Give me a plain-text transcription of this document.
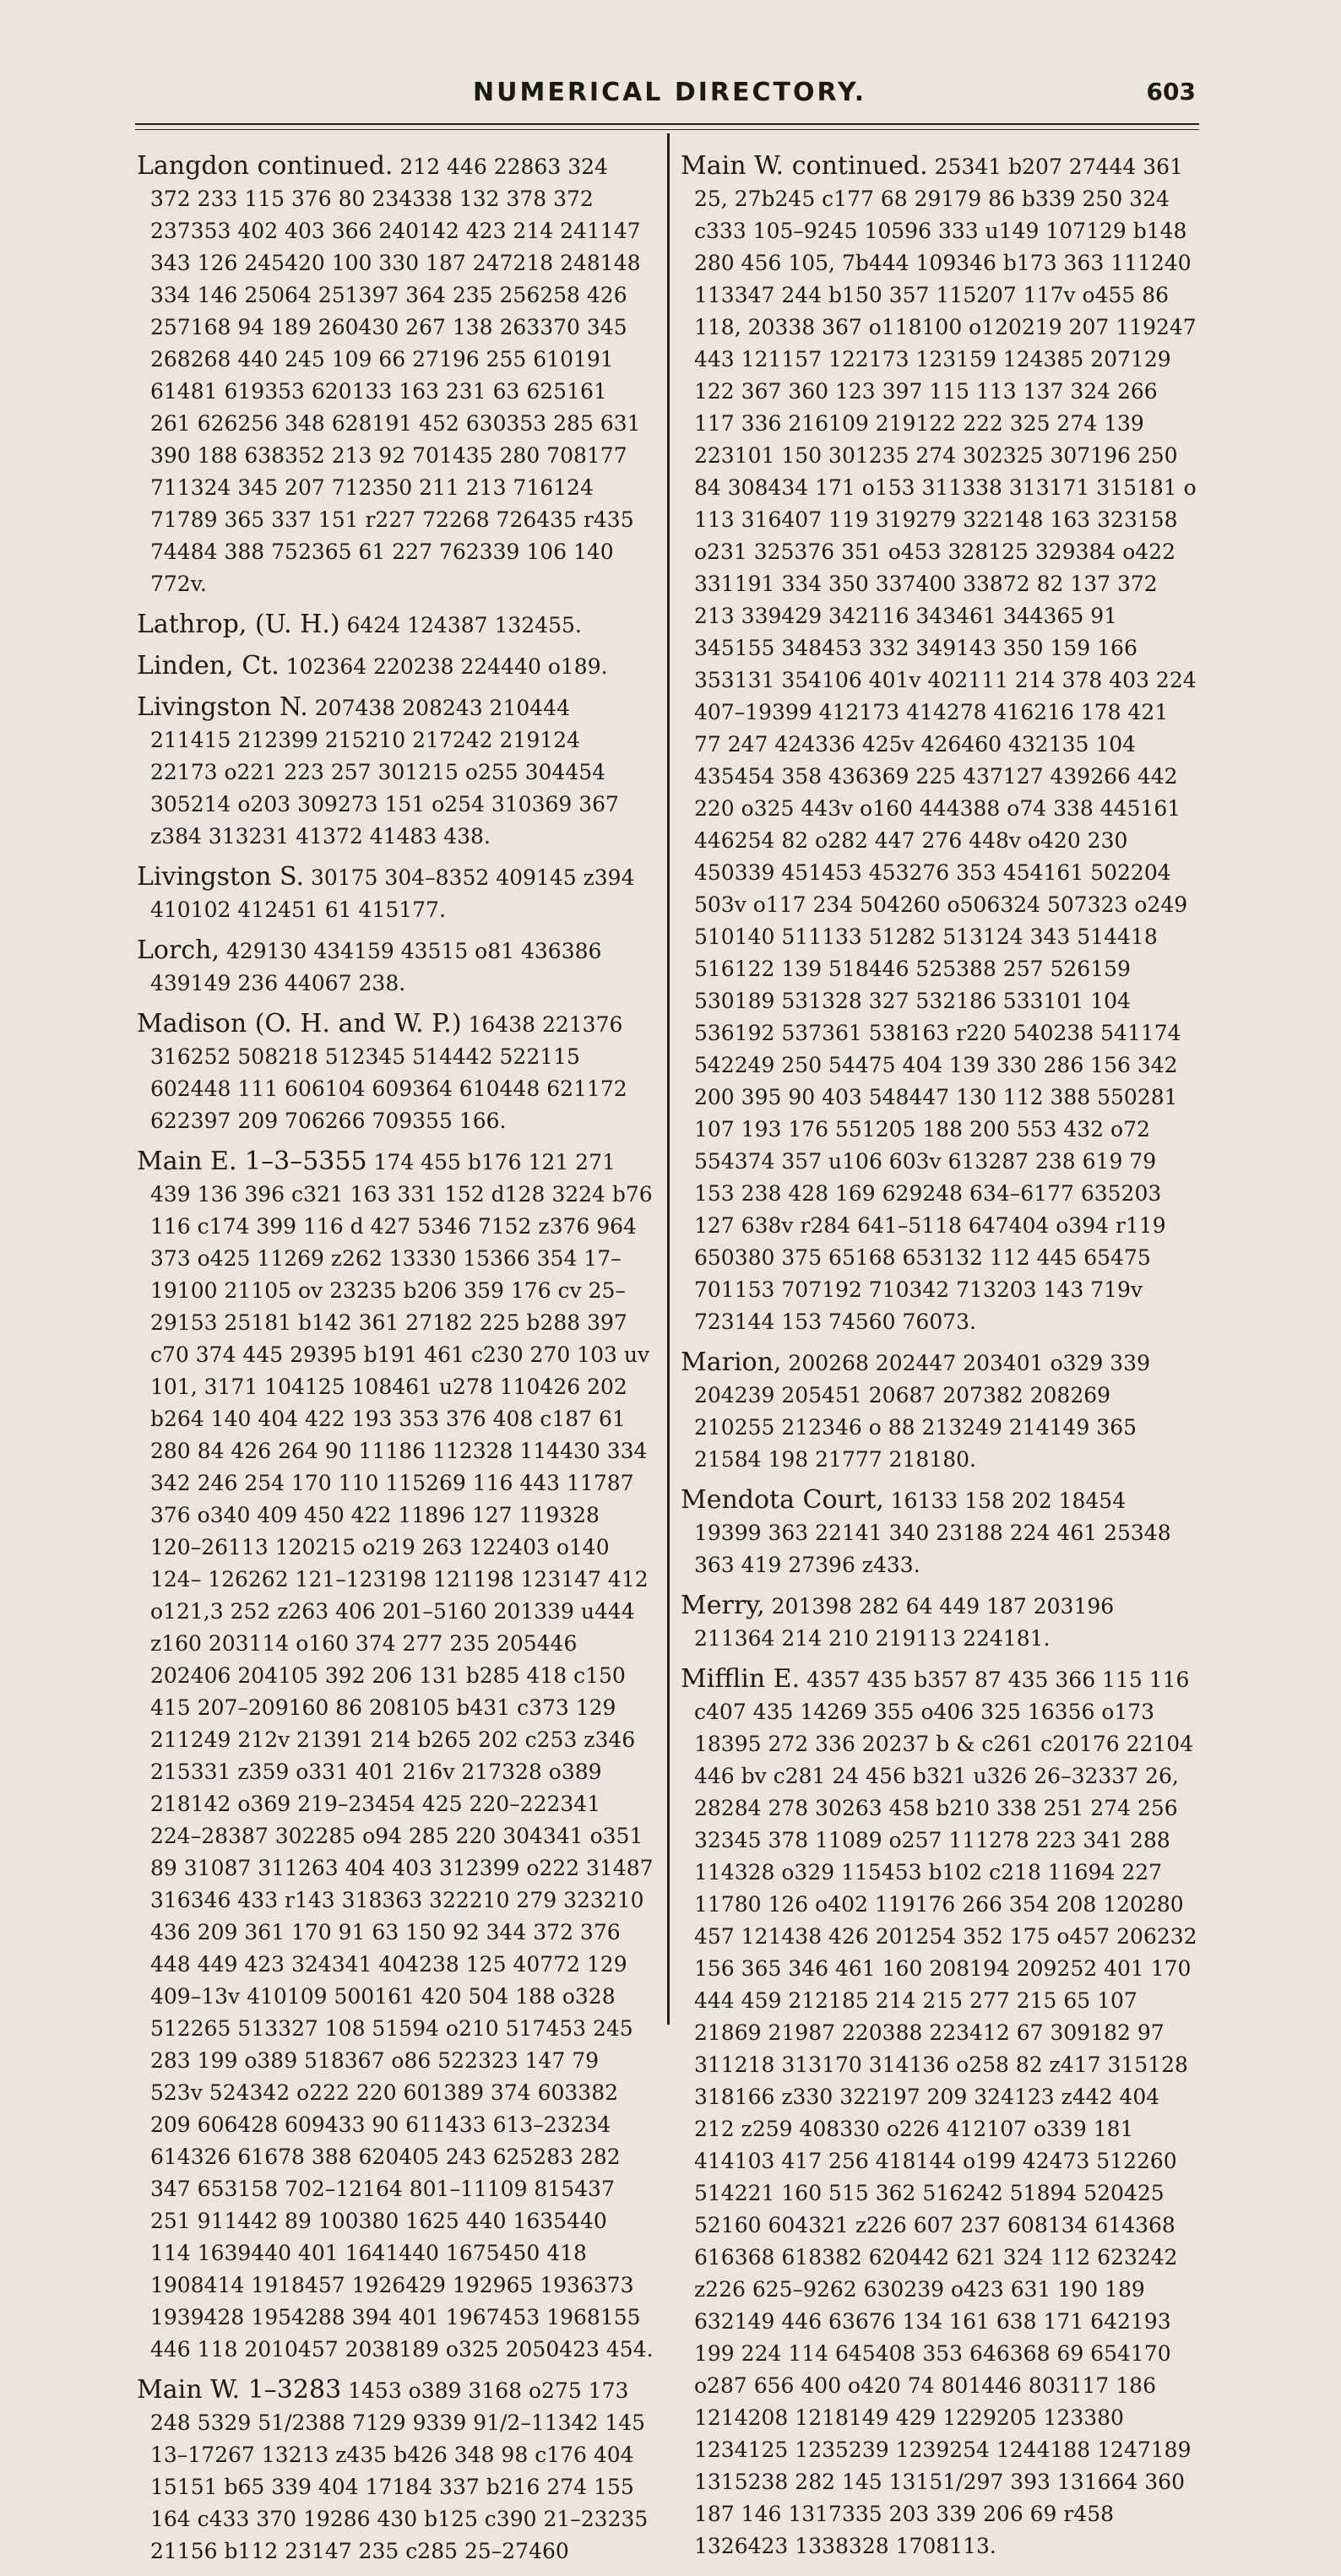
NUMERICAL DIRECTORY.	603
Langdon continued. 212 446 22863 324 372 233 115 376 80 234338 132 378 372 237353 402 403 366 240142 423 214 241147 343 126 245420 100 330 187 247218 248148 334 146 25064 251397 364 235 256258 426 257168 94 189 260430 267 138 263370 345 268268 440 245 109 66 27196 255 610191 61481 619353 620133 163 231 63 625161 261 626256 348 628191 452 630353 285 631 390 188 638352 213 92 701435 280 708177 711324 345 207 712350 211 213 716124 71789 365 337 151 r227 72268 726435 r435 74484 388 752365 61 227 762339 106 140 772v.
Lathrop, (U. H.) 6424 124387 132455.
Linden, Ct. 102364 220238 224440 o189.
Livingston N. 207438 208243 210444 211415 212399 215210 217242 219124 22173 o221 223 257 301215 o255 304454 305214 o203 309273 151 o254 310369 367 z384 313231 41372 41483 438.
Livingston S. 30175 304–8352 409145 z394 410102 412451 61 415177.
Lorch, 429130 434159 43515 o81 436386 439149 236 44067 238.
Madison (O. H. and W. P.) 16438 221376 316252 508218 512345 514442 522115 602448 111 606104 609364 610448 621172 622397 209 706266 709355 166.
Main E. 1–3–5355 174 455 b176 121 271 439 136 396 c321 163 331 152 d128 3224 b76 116 c174 399 116 d 427 5346 7152 z376 964 373 o425 11269 z262 13330 15366 354 17–19100 21105 ov 23235 b206 359 176 cv 25–29153 25181 b142 361 27182 225 b288 397 c70 374 445 29395 b191 461 c230 270 103 uv 101, 3171 104125 108461 u278 110426 202 b264 140 404 422 193 353 376 408 c187 61 280 84 426 264 90 11186 112328 114430 334 342 246 254 170 110 115269 116 443 11787 376 o340 409 450 422 11896 127 119328 120–26113 120215 o219 263 122403 o140 124– 126262 121–123198 121198 123147 412 o121,3 252 z263 406 201–5160 201339 u444 z160 203114 o160 374 277 235 205446 202406 204105 392 206 131 b285 418 c150 415 207–209160 86 208105 b431 c373 129 211249 212v 21391 214 b265 202 c253 z346 215331 z359 o331 401 216v 217328 o389 218142 o369 219–23454 425 220–222341 224–28387 302285 o94 285 220 304341 o351 89 31087 311263 404 403 312399 o222 31487 316346 433 r143 318363 322210 279 323210 436 209 361 170 91 63 150 92 344 372 376 448 449 423 324341 404238 125 40772 129 409–13v 410109 500161 420 504 188 o328 512265 513327 108 51594 o210 517453 245 283 199 o389 518367 o86 522323 147 79 523v 524342 o222 220 601389 374 603382 209 606428 609433 90 611433 613–23234 614326 61678 388 620405 243 625283 282 347 653158 702–12164 801–11109 815437 251 911442 89 100380 1625 440 1635440 114 1639440 401 1641440 1675450 418 1908414 1918457 1926429 192965 1936373 1939428 1954288 394 401 1967453 1968155 446 118 2010457 2038189 o325 2050423 454.
Main W. 1–3283 1453 o389 3168 o275 173 248 5329 51/2388 7129 9339 91/2–11342 145 13–17267 13213 z435 b426 348 98 c176 404 15151 b65 339 404 17184 337 b216 274 155 164 c433 370 19286 430 b125 c390 21–23235 21156 b112 23147 235 c285 25–27460
Main W. continued. 25341 b207 27444 361 25, 27b245 c177 68 29179 86 b339 250 324 c333 105–9245 10596 333 u149 107129 b148 280 456 105, 7b444 109346 b173 363 111240 113347 244 b150 357 115207 117v o455 86 118, 20338 367 o118100 o120219 207 119247 443 121157 122173 123159 124385 207129 122 367 360 123 397 115 113 137 324 266 117 336 216109 219122 222 325 274 139 223101 150 301235 274 302325 307196 250 84 308434 171 o153 311338 313171 315181 o 113 316407 119 319279 322148 163 323158 o231 325376 351 o453 328125 329384 o422 331191 334 350 337400 33872 82 137 372 213 339429 342116 343461 344365 91 345155 348453 332 349143 350 159 166 353131 354106 401v 402111 214 378 403 224 407–19399 412173 414278 416216 178 421 77 247 424336 425v 426460 432135 104 435454 358 436369 225 437127 439266 442 220 o325 443v o160 444388 o74 338 445161 446254 82 o282 447 276 448v o420 230 450339 451453 453276 353 454161 502204 503v o117 234 504260 o506324 507323 o249 510140 511133 51282 513124 343 514418 516122 139 518446 525388 257 526159 530189 531328 327 532186 533101 104 536192 537361 538163 r220 540238 541174 542249 250 54475 404 139 330 286 156 342 200 395 90 403 548447 130 112 388 550281 107 193 176 551205 188 200 553 432 o72 554374 357 u106 603v 613287 238 619 79 153 238 428 169 629248 634–6177 635203 127 638v r284 641–5118 647404 o394 r119 650380 375 65168 653132 112 445 65475 701153 707192 710342 713203 143 719v 723144 153 74560 76073.
Marion, 200268 202447 203401 o329 339 204239 205451 20687 207382 208269 210255 212346 o 88 213249 214149 365 21584 198 21777 218180.
Mendota Court, 16133 158 202 18454 19399 363 22141 340 23188 224 461 25348 363 419 27396 z433.
Merry, 201398 282 64 449 187 203196 211364 214 210 219113 224181.
Mifflin E. 4357 435 b357 87 435 366 115 116 c407 435 14269 355 o406 325 16356 o173 18395 272 336 20237 b & c261 c20176 22104 446 bv c281 24 456 b321 u326 26–32337 26, 28284 278 30263 458 b210 338 251 274 256 32345 378 11089 o257 111278 223 341 288 114328 o329 115453 b102 c218 11694 227 11780 126 o402 119176 266 354 208 120280 457 121438 426 201254 352 175 o457 206232 156 365 346 461 160 208194 209252 401 170 444 459 212185 214 215 277 215 65 107 21869 21987 220388 223412 67 309182 97 311218 313170 314136 o258 82 z417 315128 318166 z330 322197 209 324123 z442 404 212 z259 408330 o226 412107 o339 181 414103 417 256 418144 o199 42473 512260 514221 160 515 362 516242 51894 520425 52160 604321 z226 607 237 608134 614368 616368 618382 620442 621 324 112 623242 z226 625–9262 630239 o423 631 190 189 632149 446 63676 134 161 638 171 642193 199 224 114 645408 353 646368 69 654170 o287 656 400 o420 74 801446 803117 186 1214208 1218149 429 1229205 123380 1234125 1235239 1239254 1244188 1247189 1315238 282 145 13151/297 393 131664 360 187 146 1317335 203 339 206 69 r458 1326423 1338328 1708113.
